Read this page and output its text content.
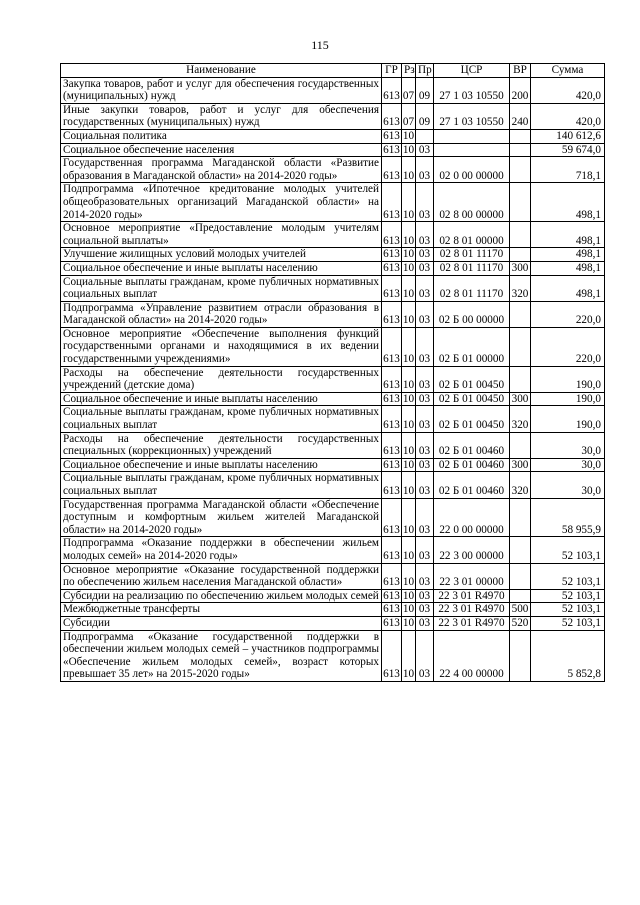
115
Наименование	ГР	Рз	Пр	ЦСР	ВР	Сумма
Закупка товаров, работ и услуг для обеспечения государственных (муниципальных) нужд	613	07	09	27 1 03 10550	200	420,0
Иные закупки товаров, работ и услуг для обеспечения государственных (муниципальных) нужд	613	07	09	27 1 03 10550	240	420,0
Социальная политика	613	10				140 612,6
Социальное обеспечение населения	613	10	03			59 674,0
Государственная программа Магаданской области «Развитие образования в Магаданской области» на 2014-2020 годы»	613	10	03	02 0 00 00000		718,1
Подпрограмма «Ипотечное кредитование молодых учителей общеобразовательных организаций Магаданской области» на 2014-2020 годы»	613	10	03	02 8 00 00000		498,1
Основное мероприятие «Предоставление молодым учителям социальной выплаты»	613	10	03	02 8 01 00000		498,1
Улучшение жилищных условий молодых учителей	613	10	03	02 8 01 11170		498,1
Социальное обеспечение и иные выплаты населению	613	10	03	02 8 01 11170	300	498,1
Социальные выплаты гражданам, кроме публичных нормативных социальных выплат	613	10	03	02 8 01 11170	320	498,1
Подпрограмма «Управление развитием отрасли образования в Магаданской области» на 2014-2020 годы»	613	10	03	02 Б 00 00000		220,0
Основное мероприятие «Обеспечение выполнения функций государственными органами и находящимися в их ведении государственными учреждениями»	613	10	03	02 Б 01 00000		220,0
Расходы на обеспечение деятельности государственных учреждений (детские дома)	613	10	03	02 Б 01 00450		190,0
Социальное обеспечение и иные выплаты населению	613	10	03	02 Б 01 00450	300	190,0
Социальные выплаты гражданам, кроме публичных нормативных социальных выплат	613	10	03	02 Б 01 00450	320	190,0
Расходы на обеспечение деятельности государственных специальных (коррекционных) учреждений	613	10	03	02 Б 01 00460		30,0
Социальное обеспечение и иные выплаты населению	613	10	03	02 Б 01 00460	300	30,0
Социальные выплаты гражданам, кроме публичных нормативных социальных выплат	613	10	03	02 Б 01 00460	320	30,0
Государственная программа Магаданской области «Обеспечение доступным и комфортным жильем жителей Магаданской области» на 2014-2020 годы»	613	10	03	22 0 00 00000		58 955,9
Подпрограмма «Оказание поддержки в обеспечении жильем молодых семей» на 2014-2020 годы»	613	10	03	22 3 00 00000		52 103,1
Основное мероприятие «Оказание государственной поддержки по обеспечению жильем населения Магаданской области»	613	10	03	22 3 01 00000		52 103,1
Субсидии на реализацию по обеспечению жильем молодых семей	613	10	03	22 3 01 R4970		52 103,1
Межбюджетные трансферты	613	10	03	22 3 01 R4970	500	52 103,1
Субсидии	613	10	03	22 3 01 R4970	520	52 103,1
Подпрограмма «Оказание государственной поддержки в обеспечении жильем молодых семей – участников подпрограммы «Обеспечение жильем молодых семей», возраст которых превышает 35 лет» на 2015-2020 годы»	613	10	03	22 4 00 00000		5 852,8
